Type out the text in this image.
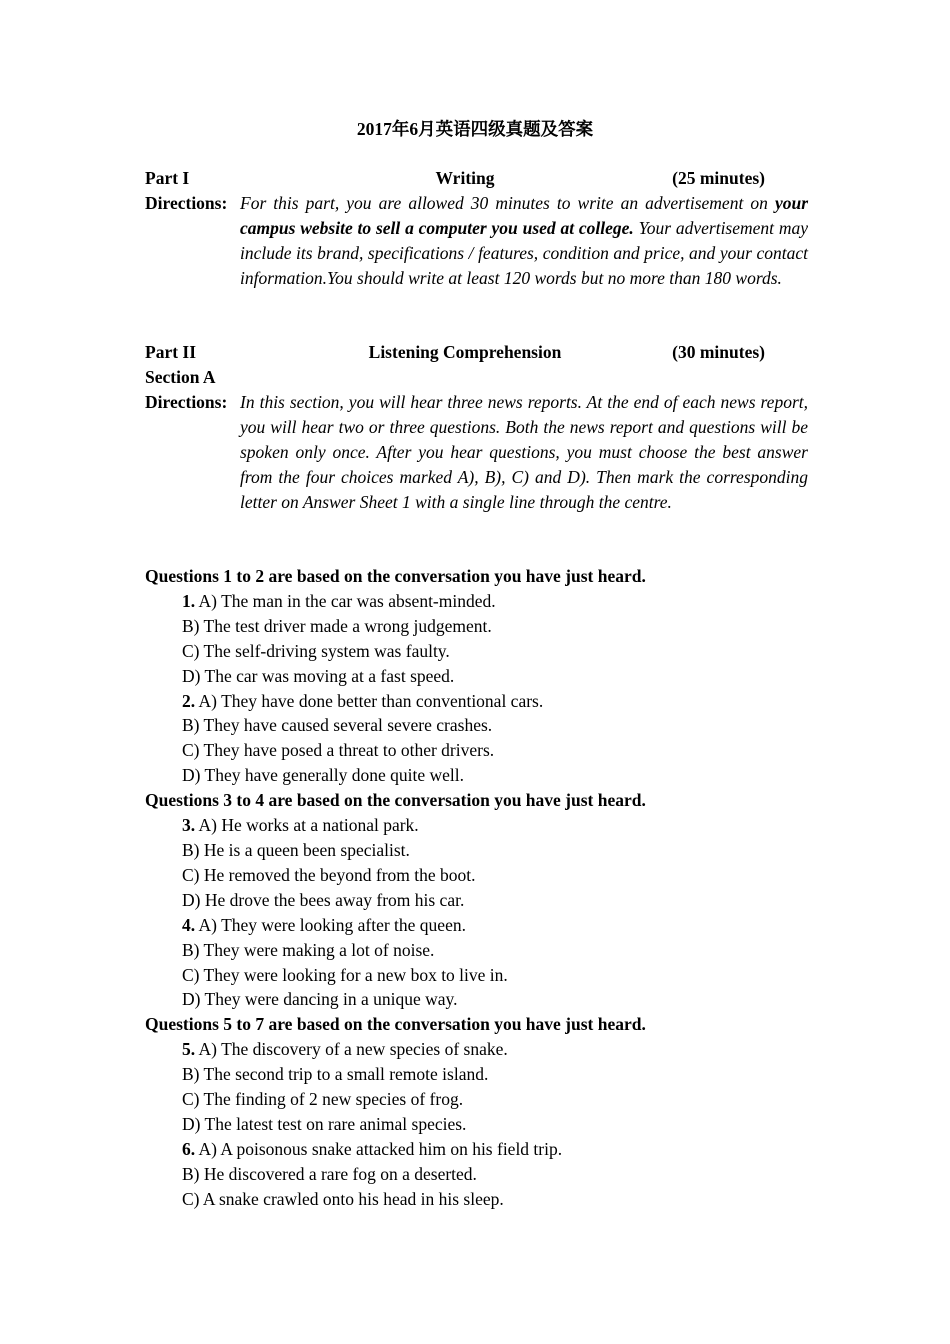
2017年6月英语四级真题及答案
Part I	Writing	(25 minutes)
Directions: For this part, you are allowed 30 minutes to write an advertisement on your campus website to sell a computer you used at college. Your advertisement may include its brand, specifications / features, condition and price, and your contact information.You should write at least 120 words but no more than 180 words.
Part II	Listening Comprehension	(30 minutes)
Section A
Directions: In this section, you will hear three news reports. At the end of each news report, you will hear two or three questions. Both the news report and questions will be spoken only once. After you hear questions, you must choose the best answer from the four choices marked A), B), C) and D). Then mark the corresponding letter on Answer Sheet 1 with a single line through the centre.
Questions 1 to 2 are based on the conversation you have just heard.
1. A) The man in the car was absent-minded.
B) The test driver made a wrong judgement.
C) The self-driving system was faulty.
D) The car was moving at a fast speed.
2. A) They have done better than conventional cars.
B) They have caused several severe crashes.
C) They have posed a threat to other drivers.
D) They have generally done quite well.
Questions 3 to 4 are based on the conversation you have just heard.
3. A) He works at a national park.
B) He is a queen been specialist.
C) He removed the beyond from the boot.
D) He drove the bees away from his car.
4. A) They were looking after the queen.
B) They were making a lot of noise.
C) They were looking for a new box to live in.
D) They were dancing in a unique way.
Questions 5 to 7 are based on the conversation you have just heard.
5. A) The discovery of a new species of snake.
B) The second trip to a small remote island.
C) The finding of 2 new species of frog.
D) The latest test on rare animal species.
6. A) A poisonous snake attacked him on his field trip.
B) He discovered a rare fog on a deserted.
C) A snake crawled onto his head in his sleep.
